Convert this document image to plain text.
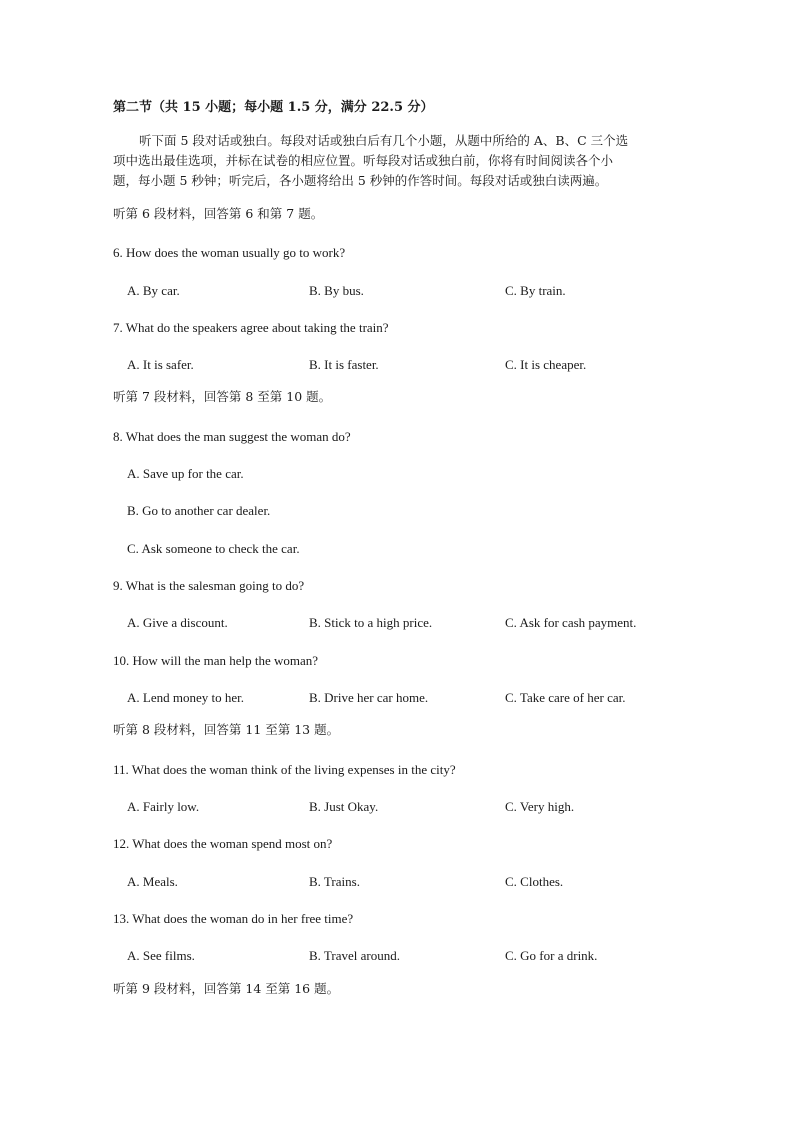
第二节（共 15 小题；每小题 1.5 分，满分 22.5 分）
听下面 5 段对话或独白。每段对话或独白后有几个小题，从题中所给的 A、B、C 三个选
项中选出最佳选项，并标在试卷的相应位置。听每段对话或独白前，你将有时间阅读各个小
题，每小题 5 秒钟；听完后，各小题将给出 5 秒钟的作答时间。每段对话或独白读两遍。
听第 6 段材料，回答第 6 和第 7 题。
6. How does the woman usually go to work?
A. By car.	B. By bus.	C. By train.
7. What do the speakers agree about taking the train?
A. It is safer.	B. It is faster.	C. It is cheaper.
听第 7 段材料，回答第 8 至第 10 题。
8. What does the man suggest the woman do?
A. Save up for the car.
B. Go to another car dealer.
C. Ask someone to check the car.
9. What is the salesman going to do?
A. Give a discount.	B. Stick to a high price.	C. Ask for cash payment.
10. How will the man help the woman?
A. Lend money to her.	B. Drive her car home.	C. Take care of her car.
听第 8 段材料，回答第 11 至第 13 题。
11. What does the woman think of the living expenses in the city?
A. Fairly low.	B. Just Okay.	C. Very high.
12. What does the woman spend most on?
A. Meals.	B. Trains.	C. Clothes.
13. What does the woman do in her free time?
A. See films.	B. Travel around.	C. Go for a drink.
听第 9 段材料，回答第 14 至第 16 题。
